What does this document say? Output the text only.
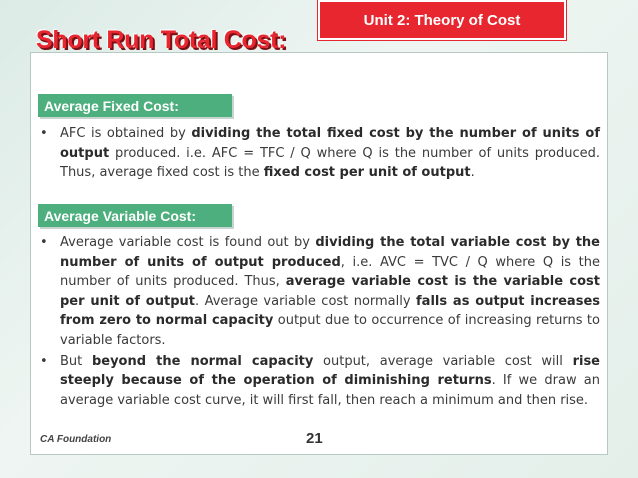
Unit 2: Theory of Cost
Short Run Total Cost:
Average Fixed Cost:

• AFC is obtained by dividing the total fixed cost by the number of units of output produced. i.e. AFC = TFC / Q where Q is the number of units produced. Thus, average fixed cost is the fixed cost per unit of output.

Average Variable Cost:

• Average variable cost is found out by dividing the total variable cost by the number of units of output produced, i.e. AVC = TVC / Q where Q is the number of units produced. Thus, average variable cost is the variable cost per unit of output. Average variable cost normally falls as output increases from zero to normal capacity output due to occurrence of increasing returns to variable factors.

• But beyond the normal capacity output, average variable cost will rise steeply because of the operation of diminishing returns. If we draw an average variable cost curve, it will first fall, then reach a minimum and then rise.

CA Foundation	21
